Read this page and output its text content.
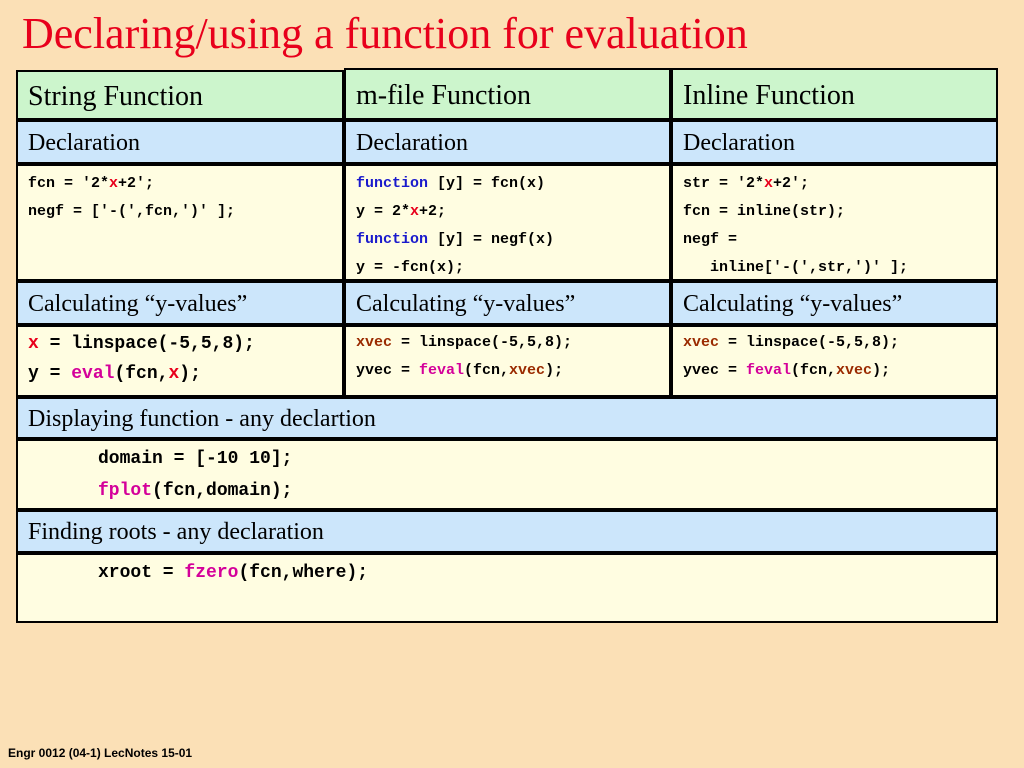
Declaring/using a function for evaluation
String Function
Declaration
fcn = '2*x+2';
negf = ['-(',fcn,')' ];
Calculating “y-values”
x = linspace(-5,5,8);
y = eval(fcn,x);
m-file Function
Declaration
function [y] = fcn(x)
y = 2*x+2;
function [y] = negf(x)
y = -fcn(x);
Calculating “y-values”
xvec = linspace(-5,5,8);
yvec = feval(fcn,xvec);
Inline Function
Declaration
str = '2*x+2';
fcn = inline(str);
negf =
inline['-(',str,')' ];
Calculating “y-values”
xvec = linspace(-5,5,8);
yvec = feval(fcn,xvec);
Displaying function - any declartion
domain = [-10 10];
fplot(fcn,domain);
Finding roots - any declaration
xroot = fzero(fcn,where);
Engr 0012 (04-1) LecNotes 15-01
